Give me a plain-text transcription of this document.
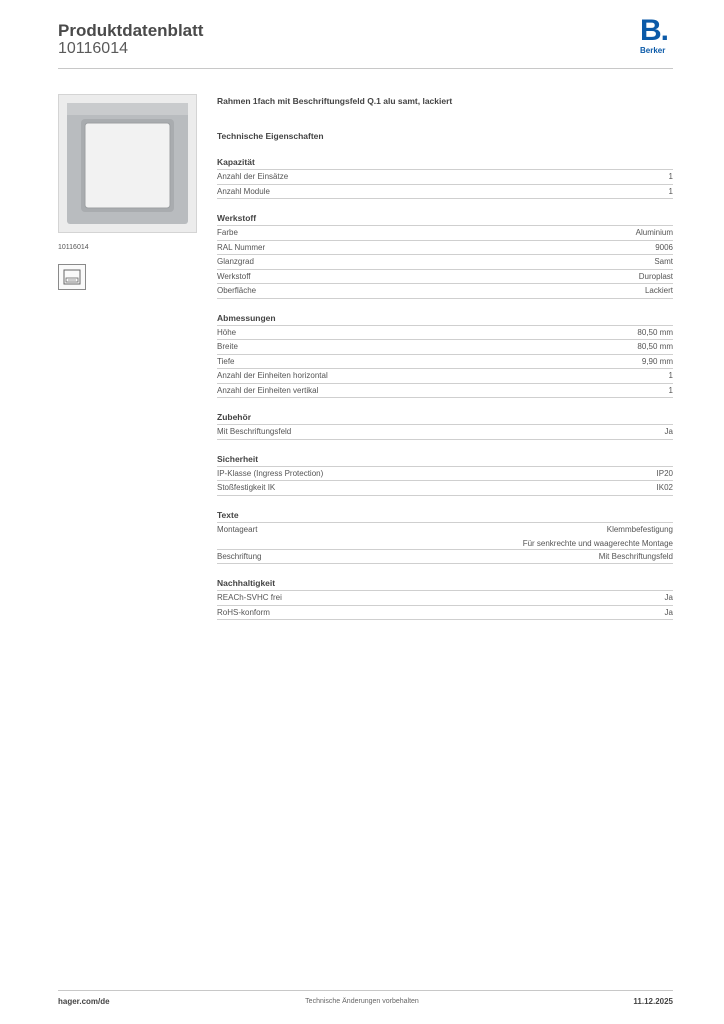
Produktdatenblatt
10116014
B.
Berker
10116014
Rahmen 1fach mit Beschriftungsfeld Q.1 alu samt, lackiert
Technische Eigenschaften
Kapazität
Anzahl der Einsätze	1
Anzahl Module	1
Werkstoff
Farbe	Aluminium
RAL Nummer	9006
Glanzgrad	Samt
Werkstoff	Duroplast
Oberfläche	Lackiert
Abmessungen
Höhe	80,50 mm
Breite	80,50 mm
Tiefe	9,90 mm
Anzahl der Einheiten horizontal	1
Anzahl der Einheiten vertikal	1
Zubehör
Mit Beschriftungsfeld	Ja
Sicherheit
IP-Klasse (Ingress Protection)	IP20
Stoßfestigkeit IK	IK02
Texte
Montageart	Klemmbefestigung
Für senkrechte und waagerechte Montage
Beschriftung	Mit Beschriftungsfeld
Nachhaltigkeit
REACh-SVHC frei	Ja
RoHS-konform	Ja
hager.com/de	Technische Änderungen vorbehalten	11.12.2025
